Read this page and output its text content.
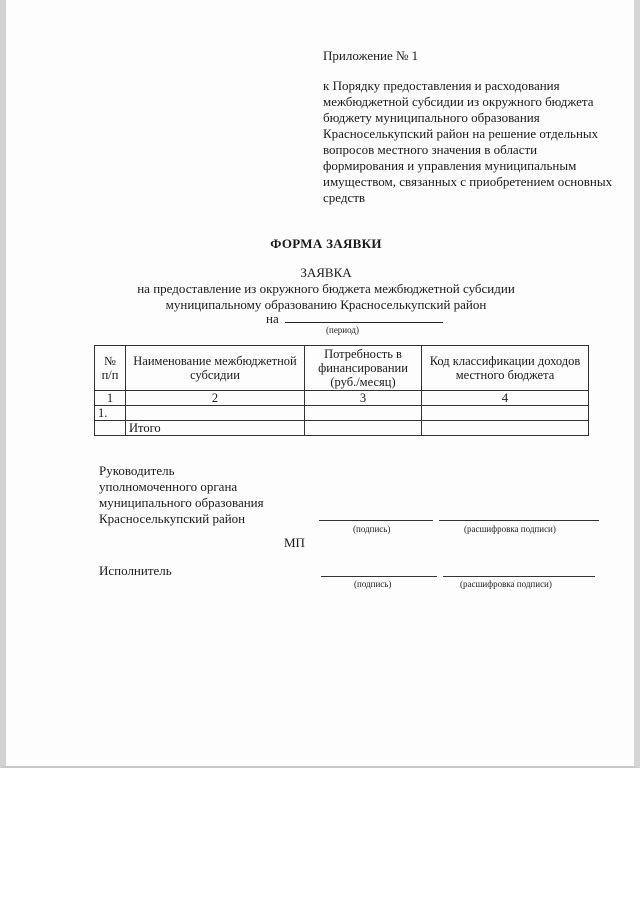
Приложение № 1
к Порядку предоставления и расходования межбюджетной субсидии из окружного бюджета бюджету муниципального образования Красноселькупский район на решение отдельных вопросов местного значения в области формирования и управления муниципальным имуществом, связанных с приобретением основных средств
ФОРМА ЗАЯВКИ
ЗАЯВКА
на предоставление из окружного бюджета межбюджетной субсидии
муниципальному образованию Красноселькупский район
на
(период)
№ п/п	Наименование межбюджетной субсидии	Потребность в финансировании (руб./месяц)	Код классификации доходов местного бюджета
1	2	3	4
1.			
	Итого		
Руководитель
уполномоченного органа
муниципального образования
Красноселькупский район
(подпись)	(расшифровка подписи)
МП
Исполнитель
(подпись)	(расшифровка подписи)
